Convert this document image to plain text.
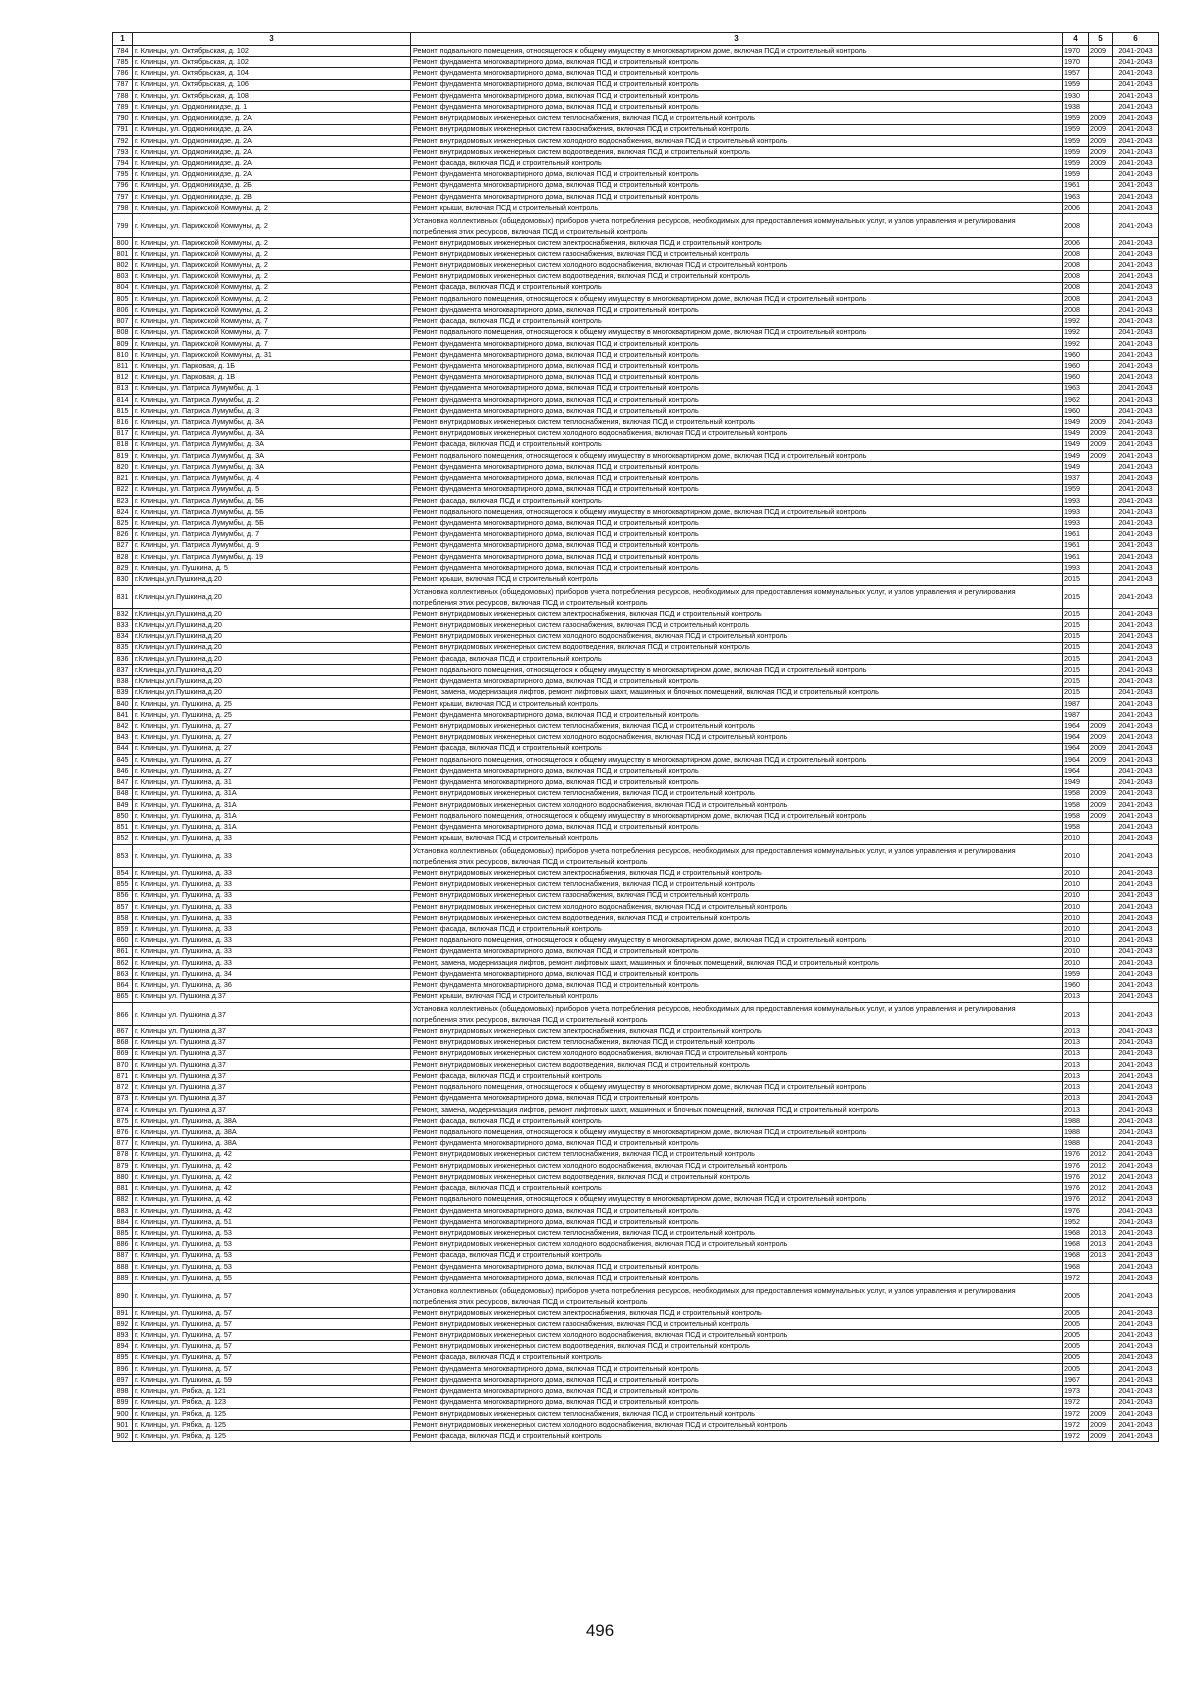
1	3	3	4	5	6	
784	г. Клинцы, ул. Октябрьская, д. 102	Ремонт подвального помещения, относящегося к общему имуществу в многоквартирном доме, включая ПСД и строительный контроль	1970	2009	2041-2043	
785	г. Клинцы, ул. Октябрьская, д. 102	Ремонт фундамента многоквартирного дома, включая ПСД и строительный контроль	1970		2041-2043	
786	г. Клинцы, ул. Октябрьская, д. 104	Ремонт фундамента многоквартирного дома, включая ПСД и строительный контроль	1957		2041-2043	
787	г. Клинцы, ул. Октябрьская, д. 106	Ремонт фундамента многоквартирного дома, включая ПСД и строительный контроль	1959		2041-2043	
788	г. Клинцы, ул. Октябрьская, д. 108	Ремонт фундамента многоквартирного дома, включая ПСД и строительный контроль	1930		2041-2043	
789	г. Клинцы, ул. Орджоникидзе, д. 1	Ремонт фундамента многоквартирного дома, включая ПСД и строительный контроль	1938		2041-2043	
790	г. Клинцы, ул. Орджоникидзе, д. 2А	Ремонт внутридомовых инженерных систем теплоснабжения, включая ПСД и строительный контроль	1959	2009	2041-2043	
791	г. Клинцы, ул. Орджоникидзе, д. 2А	Ремонт внутридомовых инженерных систем газоснабжения, включая ПСД и строительный контроль	1959	2009	2041-2043	
792	г. Клинцы, ул. Орджоникидзе, д. 2А	Ремонт внутридомовых инженерных систем холодного водоснабжения, включая ПСД и строительный контроль	1959	2009	2041-2043	
793	г. Клинцы, ул. Орджоникидзе, д. 2А	Ремонт внутридомовых инженерных систем водоотведения, включая ПСД и строительный контроль	1959	2009	2041-2043	
794	г. Клинцы, ул. Орджоникидзе, д. 2А	Ремонт фасада, включая ПСД и строительный контроль	1959	2009	2041-2043	
795	г. Клинцы, ул. Орджоникидзе, д. 2А	Ремонт фундамента многоквартирного дома, включая ПСД и строительный контроль	1959		2041-2043	
796	г. Клинцы, ул. Орджоникидзе, д. 2Б	Ремонт фундамента многоквартирного дома, включая ПСД и строительный контроль	1961		2041-2043	
797	г. Клинцы, ул. Орджоникидзе, д. 2В	Ремонт фундамента многоквартирного дома, включая ПСД и строительный контроль	1963		2041-2043	
798	г. Клинцы, ул. Парижской Коммуны, д. 2	Ремонт крыши, включая ПСД и строительный контроль	2006		2041-2043	
799	г. Клинцы, ул. Парижской Коммуны, д. 2	Установка коллективных (общедомовых) приборов учета потребления ресурсов, необходимых для предоставления коммунальных услуг, и узлов управления и регулирования потребления этих ресурсов, включая ПСД и строительный контроль	2008		2041-2043	
800	г. Клинцы, ул. Парижской Коммуны, д. 2	Ремонт внутридомовых инженерных систем электроснабжения, включая ПСД и строительный контроль	2006		2041-2043	
801	г. Клинцы, ул. Парижской Коммуны, д. 2	Ремонт внутридомовых инженерных систем газоснабжения, включая ПСД и строительный контроль	2008		2041-2043	
802	г. Клинцы, ул. Парижской Коммуны, д. 2	Ремонт внутридомовых инженерных систем холодного водоснабжения, включая ПСД и строительный контроль	2008		2041-2043	
803	г. Клинцы, ул. Парижской Коммуны, д. 2	Ремонт внутридомовых инженерных систем водоотведения, включая ПСД и строительный контроль	2008		2041-2043	
804	г. Клинцы, ул. Парижской Коммуны, д. 2	Ремонт фасада, включая ПСД и строительный контроль	2008		2041-2043	
805	г. Клинцы, ул. Парижской Коммуны, д. 2	Ремонт подвального помещения, относящегося к общему имуществу в многоквартирном доме, включая ПСД и строительный контроль	2008		2041-2043	
806	г. Клинцы, ул. Парижской Коммуны, д. 2	Ремонт фундамента многоквартирного дома, включая ПСД и строительный контроль	2008		2041-2043	
807	г. Клинцы, ул. Парижской Коммуны, д. 7	Ремонт фасада, включая ПСД и строительный контроль	1992		2041-2043	
808	г. Клинцы, ул. Парижской Коммуны, д. 7	Ремонт подвального помещения, относящегося к общему имуществу в многоквартирном доме, включая ПСД и строительный контроль	1992		2041-2043	
809	г. Клинцы, ул. Парижской Коммуны, д. 7	Ремонт фундамента многоквартирного дома, включая ПСД и строительный контроль	1992		2041-2043	
810	г. Клинцы, ул. Парижской Коммуны, д. 31	Ремонт фундамента многоквартирного дома, включая ПСД и строительный контроль	1960		2041-2043	
811	г. Клинцы, ул. Парковая, д. 1Б	Ремонт фундамента многоквартирного дома, включая ПСД и строительный контроль	1960		2041-2043	
812	г. Клинцы, ул. Парковая, д. 1В	Ремонт фундамента многоквартирного дома, включая ПСД и строительный контроль	1960		2041-2043	
813	г. Клинцы, ул. Патриса Лумумбы, д. 1	Ремонт фундамента многоквартирного дома, включая ПСД и строительный контроль	1963		2041-2043	
814	г. Клинцы, ул. Патриса Лумумбы, д. 2	Ремонт фундамента многоквартирного дома, включая ПСД и строительный контроль	1962		2041-2043	
815	г. Клинцы, ул. Патриса Лумумбы, д. 3	Ремонт фундамента многоквартирного дома, включая ПСД и строительный контроль	1960		2041-2043	
816	г. Клинцы, ул. Патриса Лумумбы, д. 3А	Ремонт внутридомовых инженерных систем теплоснабжения, включая ПСД и строительный контроль	1949	2009	2041-2043	
817	г. Клинцы, ул. Патриса Лумумбы, д. 3А	Ремонт внутридомовых инженерных систем холодного водоснабжения, включая ПСД и строительный контроль	1949	2009	2041-2043	
818	г. Клинцы, ул. Патриса Лумумбы, д. 3А	Ремонт фасада, включая ПСД и строительный контроль	1949	2009	2041-2043	
819	г. Клинцы, ул. Патриса Лумумбы, д. 3А	Ремонт подвального помещения, относящегося к общему имуществу в многоквартирном доме, включая ПСД и строительный контроль	1949	2009	2041-2043	
820	г. Клинцы, ул. Патриса Лумумбы, д. 3А	Ремонт фундамента многоквартирного дома, включая ПСД и строительный контроль	1949		2041-2043	
821	г. Клинцы, ул. Патриса Лумумбы, д. 4	Ремонт фундамента многоквартирного дома, включая ПСД и строительный контроль	1937		2041-2043	
822	г. Клинцы, ул. Патриса Лумумбы, д. 5	Ремонт фундамента многоквартирного дома, включая ПСД и строительный контроль	1959		2041-2043	
823	г. Клинцы, ул. Патриса Лумумбы, д. 5Б	Ремонт фасада, включая ПСД и строительный контроль	1993		2041-2043	
824	г. Клинцы, ул. Патриса Лумумбы, д. 5Б	Ремонт подвального помещения, относящегося к общему имуществу в многоквартирном доме, включая ПСД и строительный контроль	1993		2041-2043	
825	г. Клинцы, ул. Патриса Лумумбы, д. 5Б	Ремонт фундамента многоквартирного дома, включая ПСД и строительный контроль	1993		2041-2043	
826	г. Клинцы, ул. Патриса Лумумбы, д. 7	Ремонт фундамента многоквартирного дома, включая ПСД и строительный контроль	1961		2041-2043	
827	г. Клинцы, ул. Патриса Лумумбы, д. 9	Ремонт фундамента многоквартирного дома, включая ПСД и строительный контроль	1961		2041-2043	
828	г. Клинцы, ул. Патриса Лумумбы, д. 19	Ремонт фундамента многоквартирного дома, включая ПСД и строительный контроль	1961		2041-2043	
829	г. Клинцы, ул. Пушкина, д. 5	Ремонт фундамента многоквартирного дома, включая ПСД и строительный контроль	1993		2041-2043	
830	г.Клинцы,ул.Пушкина,д.20	Ремонт крыши, включая ПСД и строительный контроль	2015		2041-2043	
831	г.Клинцы,ул.Пушкина,д.20	Установка коллективных (общедомовых) приборов учета потребления ресурсов, необходимых для предоставления коммунальных услуг, и узлов управления и регулирования потребления этих ресурсов, включая ПСД и строительный контроль	2015		2041-2043	
832	г.Клинцы,ул.Пушкина,д.20	Ремонт внутридомовых инженерных систем электроснабжения, включая ПСД и строительный контроль	2015		2041-2043	
833	г.Клинцы,ул.Пушкина,д.20	Ремонт внутридомовых инженерных систем газоснабжения, включая ПСД и строительный контроль	2015		2041-2043	
834	г.Клинцы,ул.Пушкина,д.20	Ремонт внутридомовых инженерных систем холодного водоснабжения, включая ПСД и строительный контроль	2015		2041-2043	
835	г.Клинцы,ул.Пушкина,д.20	Ремонт внутридомовых инженерных систем водоотведения, включая ПСД и строительный контроль	2015		2041-2043	
836	г.Клинцы,ул.Пушкина,д.20	Ремонт фасада, включая ПСД и строительный контроль	2015		2041-2043	
837	г.Клинцы,ул.Пушкина,д.20	Ремонт подвального помещения, относящегося к общему имуществу в многоквартирном доме, включая ПСД и строительный контроль	2015		2041-2043	
838	г.Клинцы,ул.Пушкина,д.20	Ремонт фундамента многоквартирного дома, включая ПСД и строительный контроль	2015		2041-2043	
839	г.Клинцы,ул.Пушкина,д.20	Ремонт, замена, модернизация лифтов, ремонт лифтовых шахт, машинных и блочных помещений, включая ПСД и строительный контроль	2015		2041-2043	
840	г. Клинцы, ул. Пушкина, д. 25	Ремонт крыши, включая ПСД и строительный контроль	1987		2041-2043	
841	г. Клинцы, ул. Пушкина, д. 25	Ремонт фундамента многоквартирного дома, включая ПСД и строительный контроль	1987		2041-2043	
842	г. Клинцы, ул. Пушкина, д. 27	Ремонт внутридомовых инженерных систем теплоснабжения, включая ПСД и строительный контроль	1964	2009	2041-2043	
843	г. Клинцы, ул. Пушкина, д. 27	Ремонт внутридомовых инженерных систем холодного водоснабжения, включая ПСД и строительный контроль	1964	2009	2041-2043	
844	г. Клинцы, ул. Пушкина, д. 27	Ремонт фасада, включая ПСД и строительный контроль	1964	2009	2041-2043	
845	г. Клинцы, ул. Пушкина, д. 27	Ремонт подвального помещения, относящегося к общему имуществу в многоквартирном доме, включая ПСД и строительный контроль	1964	2009	2041-2043	
846	г. Клинцы, ул. Пушкина, д. 27	Ремонт фундамента многоквартирного дома, включая ПСД и строительный контроль	1964		2041-2043	
847	г. Клинцы, ул. Пушкина, д. 31	Ремонт фундамента многоквартирного дома, включая ПСД и строительный контроль	1949		2041-2043	
848	г. Клинцы, ул. Пушкина, д. 31А	Ремонт внутридомовых инженерных систем теплоснабжения, включая ПСД и строительный контроль	1958	2009	2041-2043	
849	г. Клинцы, ул. Пушкина, д. 31А	Ремонт внутридомовых инженерных систем холодного водоснабжения, включая ПСД и строительный контроль	1958	2009	2041-2043	
850	г. Клинцы, ул. Пушкина, д. 31А	Ремонт подвального помещения, относящегося к общему имуществу в многоквартирном доме, включая ПСД и строительный контроль	1958	2009	2041-2043	
851	г. Клинцы, ул. Пушкина, д. 31А	Ремонт фундамента многоквартирного дома, включая ПСД и строительный контроль	1958		2041-2043	
852	г. Клинцы, ул. Пушкина, д. 33	Ремонт крыши, включая ПСД и строительный контроль	2010		2041-2043	
853	г. Клинцы, ул. Пушкина, д. 33	Установка коллективных (общедомовых) приборов учета потребления ресурсов, необходимых для предоставления коммунальных услуг, и узлов управления и регулирования потребления этих ресурсов, включая ПСД и строительный контроль	2010		2041-2043	
854	г. Клинцы, ул. Пушкина, д. 33	Ремонт внутридомовых инженерных систем электроснабжения, включая ПСД и строительный контроль	2010		2041-2043	
855	г. Клинцы, ул. Пушкина, д. 33	Ремонт внутридомовых инженерных систем теплоснабжения, включая ПСД и строительный контроль	2010		2041-2043	
856	г. Клинцы, ул. Пушкина, д. 33	Ремонт внутридомовых инженерных систем газоснабжения, включая ПСД и строительный контроль	2010		2041-2043	
857	г. Клинцы, ул. Пушкина, д. 33	Ремонт внутридомовых инженерных систем холодного водоснабжения, включая ПСД и строительный контроль	2010		2041-2043	
858	г. Клинцы, ул. Пушкина, д. 33	Ремонт внутридомовых инженерных систем водоотведения, включая ПСД и строительный контроль	2010		2041-2043	
859	г. Клинцы, ул. Пушкина, д. 33	Ремонт фасада, включая ПСД и строительный контроль	2010		2041-2043	
860	г. Клинцы, ул. Пушкина, д. 33	Ремонт подвального помещения, относящегося к общему имуществу в многоквартирном доме, включая ПСД и строительный контроль	2010		2041-2043	
861	г. Клинцы, ул. Пушкина, д. 33	Ремонт фундамента многоквартирного дома, включая ПСД и строительный контроль	2010		2041-2043	
862	г. Клинцы, ул. Пушкина, д. 33	Ремонт, замена, модернизация лифтов, ремонт лифтовых шахт, машинных и блочных помещений, включая ПСД и строительный контроль	2010		2041-2043	
863	г. Клинцы, ул. Пушкина, д. 34	Ремонт фундамента многоквартирного дома, включая ПСД и строительный контроль	1959		2041-2043	
864	г. Клинцы, ул. Пушкина, д. 36	Ремонт фундамента многоквартирного дома, включая ПСД и строительный контроль	1960		2041-2043	
865	г. Клинцы ул. Пушкина д.37	Ремонт крыши, включая ПСД и строительный контроль	2013		2041-2043	
866	г. Клинцы ул. Пушкина д.37	Установка коллективных (общедомовых) приборов учета потребления ресурсов, необходимых для предоставления коммунальных услуг, и узлов управления и регулирования потребления этих ресурсов, включая ПСД и строительный контроль	2013		2041-2043	
867	г. Клинцы ул. Пушкина д.37	Ремонт внутридомовых инженерных систем электроснабжения, включая ПСД и строительный контроль	2013		2041-2043	
868	г. Клинцы ул. Пушкина д.37	Ремонт внутридомовых инженерных систем теплоснабжения, включая ПСД и строительный контроль	2013		2041-2043	
869	г. Клинцы ул. Пушкина д.37	Ремонт внутридомовых инженерных систем холодного водоснабжения, включая ПСД и строительный контроль	2013		2041-2043	
870	г. Клинцы ул. Пушкина д.37	Ремонт внутридомовых инженерных систем водоотведения, включая ПСД и строительный контроль	2013		2041-2043	
871	г. Клинцы ул. Пушкина д.37	Ремонт фасада, включая ПСД и строительный контроль	2013		2041-2043	
872	г. Клинцы ул. Пушкина д.37	Ремонт подвального помещения, относящегося к общему имуществу в многоквартирном доме, включая ПСД и строительный контроль	2013		2041-2043	
873	г. Клинцы ул. Пушкина д.37	Ремонт фундамента многоквартирного дома, включая ПСД и строительный контроль	2013		2041-2043	
874	г. Клинцы ул. Пушкина д.37	Ремонт, замена, модернизация лифтов, ремонт лифтовых шахт, машинных и блочных помещений, включая ПСД и строительный контроль	2013		2041-2043	
875	г. Клинцы, ул. Пушкина, д. 38А	Ремонт фасада, включая ПСД и строительный контроль	1988		2041-2043	
876	г. Клинцы, ул. Пушкина, д. 38А	Ремонт подвального помещения, относящегося к общему имуществу в многоквартирном доме, включая ПСД и строительный контроль	1988		2041-2043	
877	г. Клинцы, ул. Пушкина, д. 38А	Ремонт фундамента многоквартирного дома, включая ПСД и строительный контроль	1988		2041-2043	
878	г. Клинцы, ул. Пушкина, д. 42	Ремонт внутридомовых инженерных систем теплоснабжения, включая ПСД и строительный контроль	1976	2012	2041-2043	
879	г. Клинцы, ул. Пушкина, д. 42	Ремонт внутридомовых инженерных систем холодного водоснабжения, включая ПСД и строительный контроль	1976	2012	2041-2043	
880	г. Клинцы, ул. Пушкина, д. 42	Ремонт внутридомовых инженерных систем водоотведения, включая ПСД и строительный контроль	1976	2012	2041-2043	
881	г. Клинцы, ул. Пушкина, д. 42	Ремонт фасада, включая ПСД и строительный контроль	1976	2012	2041-2043	
882	г. Клинцы, ул. Пушкина, д. 42	Ремонт подвального помещения, относящегося к общему имуществу в многоквартирном доме, включая ПСД и строительный контроль	1976	2012	2041-2043	
883	г. Клинцы, ул. Пушкина, д. 42	Ремонт фундамента многоквартирного дома, включая ПСД и строительный контроль	1976		2041-2043	
884	г. Клинцы, ул. Пушкина, д. 51	Ремонт фундамента многоквартирного дома, включая ПСД и строительный контроль	1952		2041-2043	
885	г. Клинцы, ул. Пушкина, д. 53	Ремонт внутридомовых инженерных систем теплоснабжения, включая ПСД и строительный контроль	1968	2013	2041-2043	
886	г. Клинцы, ул. Пушкина, д. 53	Ремонт внутридомовых инженерных систем холодного водоснабжения, включая ПСД и строительный контроль	1968	2013	2041-2043	
887	г. Клинцы, ул. Пушкина, д. 53	Ремонт фасада, включая ПСД и строительный контроль	1968	2013	2041-2043	
888	г. Клинцы, ул. Пушкина, д. 53	Ремонт фундамента многоквартирного дома, включая ПСД и строительный контроль	1968		2041-2043	
889	г. Клинцы, ул. Пушкина, д. 55	Ремонт фундамента многоквартирного дома, включая ПСД и строительный контроль	1972		2041-2043	
890	г. Клинцы, ул. Пушкина, д. 57	Установка коллективных (общедомовых) приборов учета потребления ресурсов, необходимых для предоставления коммунальных услуг, и узлов управления и регулирования потребления этих ресурсов, включая ПСД и строительный контроль	2005		2041-2043	
891	г. Клинцы, ул. Пушкина, д. 57	Ремонт внутридомовых инженерных систем электроснабжения, включая ПСД и строительный контроль	2005		2041-2043	
892	г. Клинцы, ул. Пушкина, д. 57	Ремонт внутридомовых инженерных систем газоснабжения, включая ПСД и строительный контроль	2005		2041-2043	
893	г. Клинцы, ул. Пушкина, д. 57	Ремонт внутридомовых инженерных систем холодного водоснабжения, включая ПСД и строительный контроль	2005		2041-2043	
894	г. Клинцы, ул. Пушкина, д. 57	Ремонт внутридомовых инженерных систем водоотведения, включая ПСД и строительный контроль	2005		2041-2043	
895	г. Клинцы, ул. Пушкина, д. 57	Ремонт фасада, включая ПСД и строительный контроль	2005		2041-2043	
896	г. Клинцы, ул. Пушкина, д. 57	Ремонт фундамента многоквартирного дома, включая ПСД и строительный контроль	2005		2041-2043	
897	г. Клинцы, ул. Пушкина, д. 59	Ремонт фундамента многоквартирного дома, включая ПСД и строительный контроль	1967		2041-2043	
898	г. Клинцы, ул. Рябка, д. 121	Ремонт фундамента многоквартирного дома, включая ПСД и строительный контроль	1973		2041-2043	
899	г. Клинцы, ул. Рябка, д. 123	Ремонт фундамента многоквартирного дома, включая ПСД и строительный контроль	1972		2041-2043	
900	г. Клинцы, ул. Рябка, д. 125	Ремонт внутридомовых инженерных систем теплоснабжения, включая ПСД и строительный контроль	1972	2009	2041-2043	
901	г. Клинцы, ул. Рябка, д. 125	Ремонт внутридомовых инженерных систем холодного водоснабжения, включая ПСД и строительный контроль	1972	2009	2041-2043	
902	г. Клинцы, ул. Рябка, д. 125	Ремонт фасада, включая ПСД и строительный контроль	1972	2009	2041-2043	
496
